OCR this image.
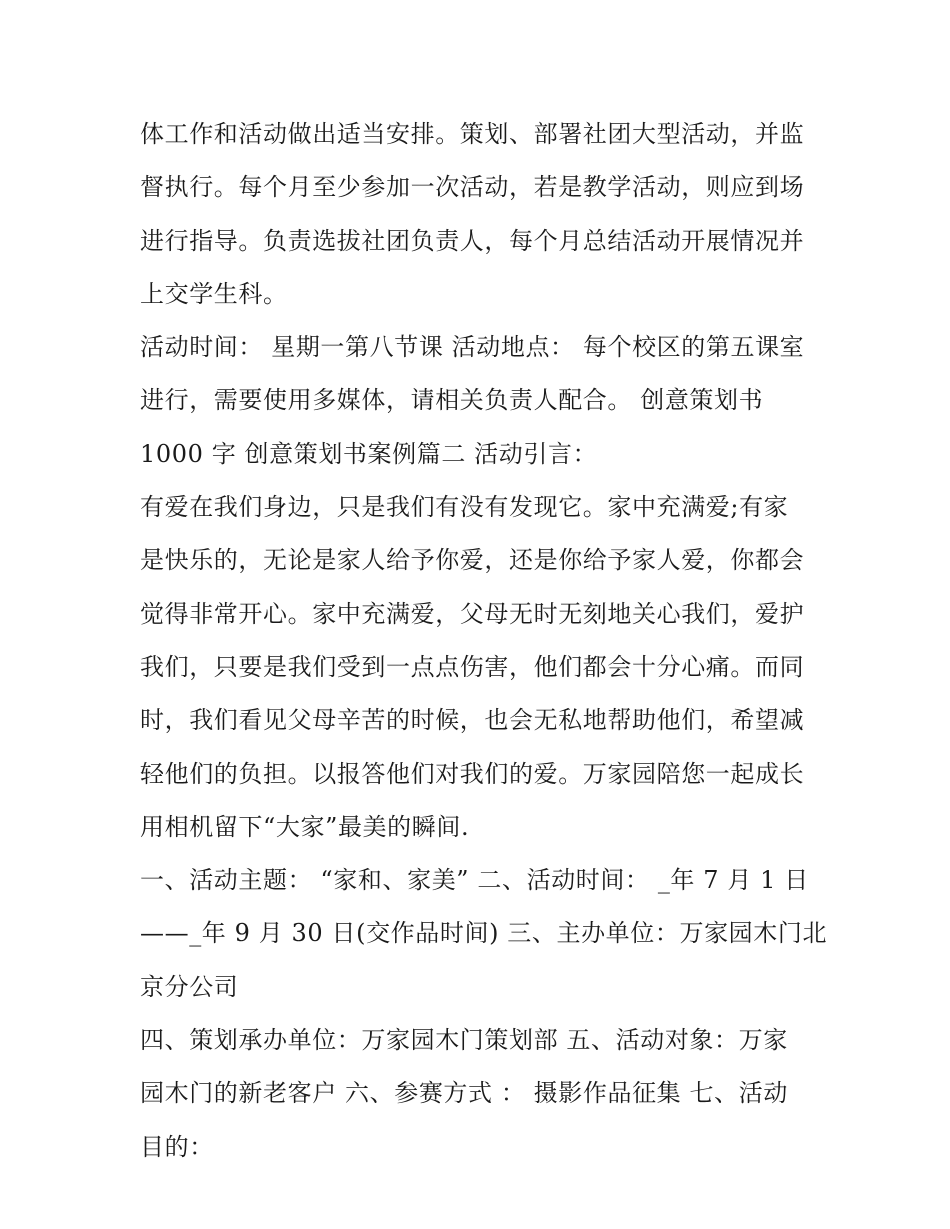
体工作和活动做出适当安排。策划、部署社团大型活动，并监
督执行。每个月至少参加一次活动，若是教学活动，则应到场
进行指导。负责选拔社团负责人，每个月总结活动开展情况并
上交学生科。
活动时间： 星期一第八节课 活动地点： 每个校区的第五课室
进行，需要使用多媒体，请相关负责人配合。 创意策划书
1000 字 创意策划书案例篇二 活动引言：
有爱在我们身边，只是我们有没有发现它。家中充满爱;有家
是快乐的，无论是家人给予你爱，还是你给予家人爱，你都会
觉得非常开心。家中充满爱，父母无时无刻地关心我们，爱护
我们，只要是我们受到一点点伤害，他们都会十分心痛。而同
时，我们看见父母辛苦的时候，也会无私地帮助他们，希望减
轻他们的负担。以报答他们对我们的爱。万家园陪您一起成长
用相机留下“大家”最美的瞬间.
一、活动主题： “家和、家美” 二、活动时间： _年 7 月 1 日
——_年 9 月 30 日(交作品时间) 三、主办单位：万家园木门北
京分公司
四、策划承办单位：万家园木门策划部 五、活动对象：万家
园木门的新老客户 六、参赛方式 ： 摄影作品征集 七、活动
目的：
